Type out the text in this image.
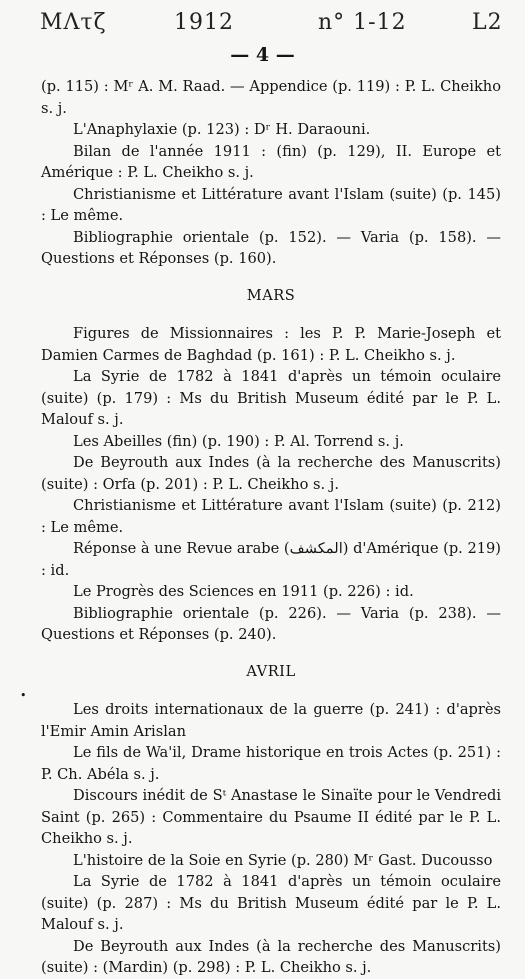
ΜΛτζ	1912	n° 1-12	L2
— 4 —

(p. 115) : Mʳ A. M. Raad. — Appendice (p. 119) : P. L. Cheikho s. j.

L'Anaphylaxie (p. 123) : Dʳ H. Daraouni.

Bilan de l'année 1911 : (fin) (p. 129), II. Europe et Amérique : P. L. Cheikho s. j.

Christianisme et Littérature avant l'Islam (suite) (p. 145) : Le même.

Bibliographie orientale (p. 152). — Varia (p. 158). — Questions et Réponses (p. 160).

MARS

Figures de Missionnaires : les P. P. Marie-Joseph et Damien Carmes de Baghdad (p. 161) : P. L. Cheikho s. j.

La Syrie de 1782 à 1841 d'après un témoin oculaire (suite) (p. 179) : Ms du British Museum édité par le P. L. Malouf s. j.

Les Abeilles (fin) (p. 190) : P. Al. Torrend s. j.

De Beyrouth aux Indes (à la recherche des Manuscrits) (suite) : Orfa (p. 201) : P. L. Cheikho s. j.

Christianisme et Littérature avant l'Islam (suite) (p. 212) : Le même.

Réponse à une Revue arabe (المكشف) d'Amérique (p. 219) : id.

Le Progrès des Sciences en 1911 (p. 226) : id.

Bibliographie orientale (p. 226). — Varia (p. 238). — Questions et Réponses (p. 240).

AVRIL

Les droits internationaux de la guerre (p. 241) : d'après l'Emir Amin Arislan

Le fils de Wa'il, Drame historique en trois Actes (p. 251) : P. Ch. Abéla s. j.

Discours inédit de Sᵗ Anastase le Sinaïte pour le Vendredi Saint (p. 265) : Commentaire du Psaume II édité par le P. L. Cheikho s. j.

L'histoire de la Soie en Syrie (p. 280) Mʳ Gast. Ducousso

La Syrie de 1782 à 1841 d'après un témoin oculaire (suite) (p. 287) : Ms du British Museum édité par le P. L. Malouf s. j.

De Beyrouth aux Indes (à la recherche des Manuscrits) (suite) : (Mardin) (p. 298) : P. L. Cheikho s. j.

•
